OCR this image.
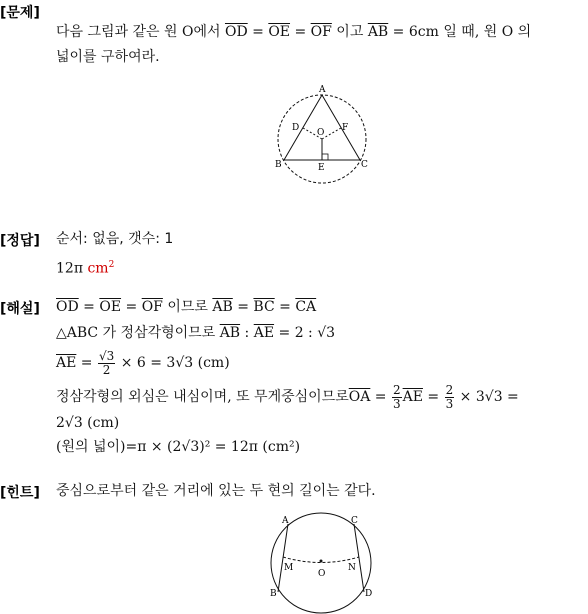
[문제]
다음 그림과 같은 원 O에서 $\overline{OD} = \overline{OE} = \overline{OF}$ 이고 $\overline{AB} = 6cm$ 일 때, 원 O 의
넓이를 구하여라.
A
D O F
B	E	C
[정답] 순서: 없음, 갯수: 1
12π $cm^2$
[해설] $\overline{OD} = \overline{OE} = \overline{OF}$ 이므로 $\overline{AB} = \overline{BC} = \overline{CA}$
△ABC 가 정삼각형이므로 $\overline{AB}$ : $\overline{AE} = 2$ : √3
$\overline{AE} = \frac{√3}{2} \times 6 = 3√3$ (cm)
정삼각형의 외심은 내심이며, 또 무게중심이므로$\overline{OA} = \frac{2}{3} \overline{AE} = \frac{2}{3} \times 3√3$ =
2√3 (cm)
(원의 넓이)=π × (2√3)² = 12π (cm²)
[힌트] 중심으로부터 같은 거리에 있는 두 현의 길이는 같다.
A	C
M	N
O
B	D
